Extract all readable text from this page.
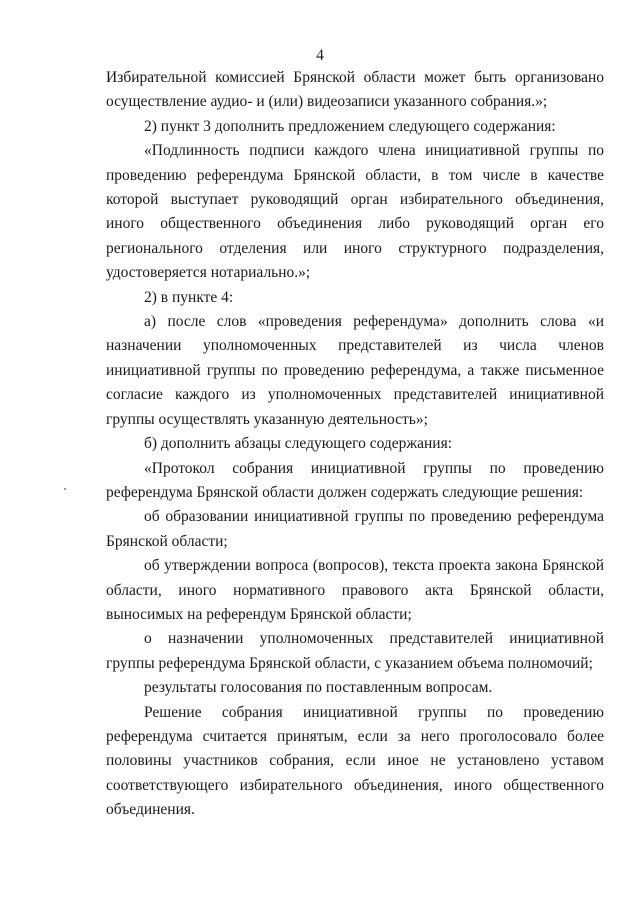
4

Избирательной комиссией Брянской области может быть организовано осуществление аудио- и (или) видеозаписи указанного собрания.»;

2) пункт 3 дополнить предложением следующего содержания:

«Подлинность подписи каждого члена инициативной группы по проведению референдума Брянской области, в том числе в качестве которой выступает руководящий орган избирательного объединения, иного общественного объединения либо руководящий орган его регионального отделения или иного структурного подразделения, удостоверяется нотариально.»;

2) в пункте 4:

а) после слов «проведения референдума» дополнить слова «и назначении уполномоченных представителей из числа членов инициативной группы по проведению референдума, а также письменное согласие каждого из уполномоченных представителей инициативной группы осуществлять указанную деятельность»;

б) дополнить абзацы следующего содержания:

«Протокол собрания инициативной группы по проведению референдума Брянской области должен содержать следующие решения:

об образовании инициативной группы по проведению референдума Брянской области;

об утверждении вопроса (вопросов), текста проекта закона Брянской области, иного нормативного правового акта Брянской области, выносимых на референдум Брянской области;

о назначении уполномоченных представителей инициативной группы референдума Брянской области, с указанием объема полномочий;

результаты голосования по поставленным вопросам.

Решение собрания инициативной группы по проведению референдума считается принятым, если за него проголосовало более половины участников собрания, если иное не установлено уставом соответствующего избирательного объединения, иного общественного объединения.
